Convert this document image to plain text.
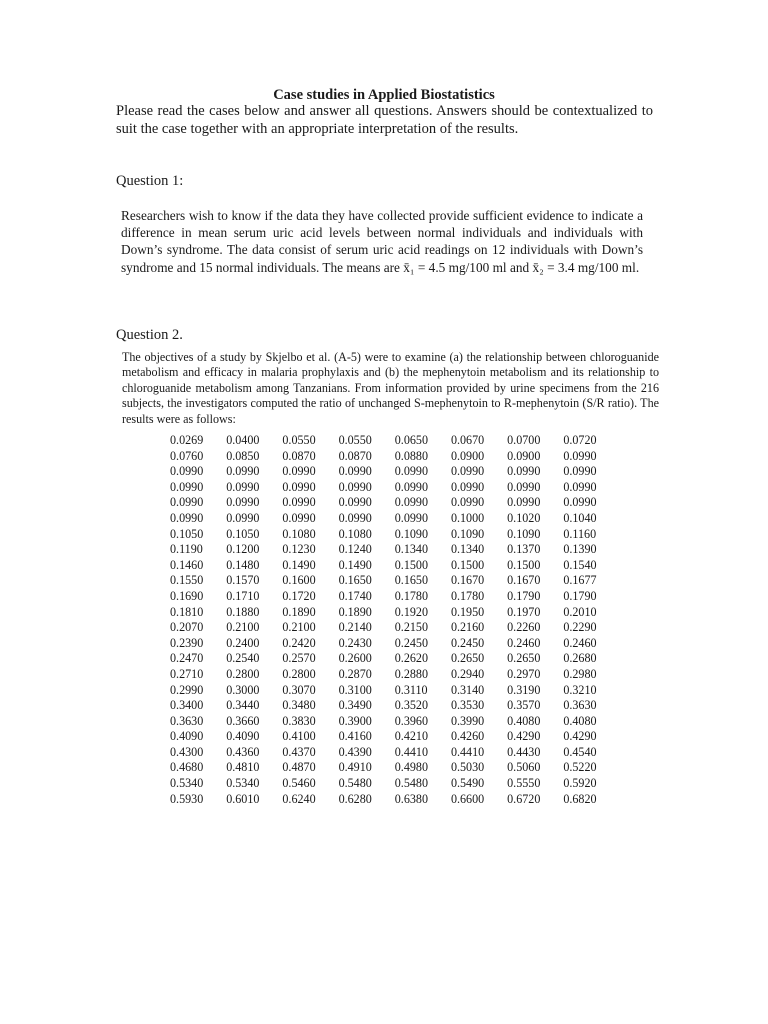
Case studies in Applied Biostatistics

Please read the cases below and answer all questions. Answers should be contextualized to suit the case together with an appropriate interpretation of the results.

Question 1:

Researchers wish to know if the data they have collected provide sufficient evidence to indicate a difference in mean serum uric acid levels between normal individuals and individuals with Down’s syndrome. The data consist of serum uric acid readings on 12 individuals with Down’s syndrome and 15 normal individuals. The means are x̄₁ = 4.5 mg/100 ml and x̄₂ = 3.4 mg/100 ml.

Question 2.

The objectives of a study by Skjelbo et al. (A-5) were to examine (a) the relationship between chloroguanide metabolism and efficacy in malaria prophylaxis and (b) the mephenytoin metabolism and its relationship to chloroguanide metabolism among Tanzanians. From information provided by urine specimens from the 216 subjects, the investigators computed the ratio of unchanged S-mephenytoin to R-mephenytoin (S/R ratio). The results were as follows:

0.0269	0.0400	0.0550	0.0550	0.0650	0.0670	0.0700	0.0720
0.0760	0.0850	0.0870	0.0870	0.0880	0.0900	0.0900	0.0990
0.0990	0.0990	0.0990	0.0990	0.0990	0.0990	0.0990	0.0990
0.0990	0.0990	0.0990	0.0990	0.0990	0.0990	0.0990	0.0990
0.0990	0.0990	0.0990	0.0990	0.0990	0.0990	0.0990	0.0990
0.0990	0.0990	0.0990	0.0990	0.0990	0.1000	0.1020	0.1040
0.1050	0.1050	0.1080	0.1080	0.1090	0.1090	0.1090	0.1160
0.1190	0.1200	0.1230	0.1240	0.1340	0.1340	0.1370	0.1390
0.1460	0.1480	0.1490	0.1490	0.1500	0.1500	0.1500	0.1540
0.1550	0.1570	0.1600	0.1650	0.1650	0.1670	0.1670	0.1677
0.1690	0.1710	0.1720	0.1740	0.1780	0.1780	0.1790	0.1790
0.1810	0.1880	0.1890	0.1890	0.1920	0.1950	0.1970	0.2010
0.2070	0.2100	0.2100	0.2140	0.2150	0.2160	0.2260	0.2290
0.2390	0.2400	0.2420	0.2430	0.2450	0.2450	0.2460	0.2460
0.2470	0.2540	0.2570	0.2600	0.2620	0.2650	0.2650	0.2680
0.2710	0.2800	0.2800	0.2870	0.2880	0.2940	0.2970	0.2980
0.2990	0.3000	0.3070	0.3100	0.3110	0.3140	0.3190	0.3210
0.3400	0.3440	0.3480	0.3490	0.3520	0.3530	0.3570	0.3630
0.3630	0.3660	0.3830	0.3900	0.3960	0.3990	0.4080	0.4080
0.4090	0.4090	0.4100	0.4160	0.4210	0.4260	0.4290	0.4290
0.4300	0.4360	0.4370	0.4390	0.4410	0.4410	0.4430	0.4540
0.4680	0.4810	0.4870	0.4910	0.4980	0.5030	0.5060	0.5220
0.5340	0.5340	0.5460	0.5480	0.5480	0.5490	0.5550	0.5920
0.5930	0.6010	0.6240	0.6280	0.6380	0.6600	0.6720	0.6820
